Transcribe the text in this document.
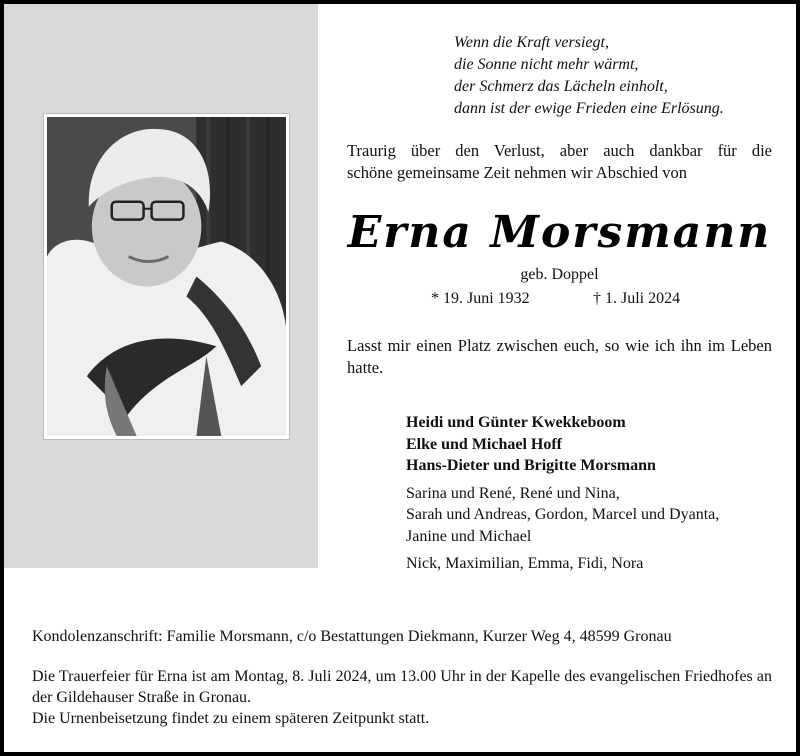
Wenn die Kraft versiegt,
die Sonne nicht mehr wärmt,
der Schmerz das Lächeln einholt,
dann ist der ewige Frieden eine Erlösung.
Traurig über den Verlust, aber auch dankbar für die
schöne gemeinsame Zeit nehmen wir Abschied von
Erna Morsmann
geb. Doppel
* 19. Juni 1932	† 1. Juli 2024
Lasst mir einen Platz zwischen euch, so wie ich ihn im Leben hatte.
Heidi und Günter Kwekkeboom
Elke und Michael Hoff
Hans-Dieter und Brigitte Morsmann
Sarina und René, René und Nina,
Sarah und Andreas, Gordon, Marcel und Dyanta,
Janine und Michael
Nick, Maximilian, Emma, Fidi, Nora
Kondolenzanschrift: Familie Morsmann, c/o Bestattungen Diekmann, Kurzer Weg 4, 48599 Gronau
Die Trauerfeier für Erna ist am Montag, 8. Juli 2024, um 13.00 Uhr in der Kapelle des evangelischen Friedhofes an der Gildehauser Straße in Gronau.
Die Urnenbeisetzung findet zu einem späteren Zeitpunkt statt.
